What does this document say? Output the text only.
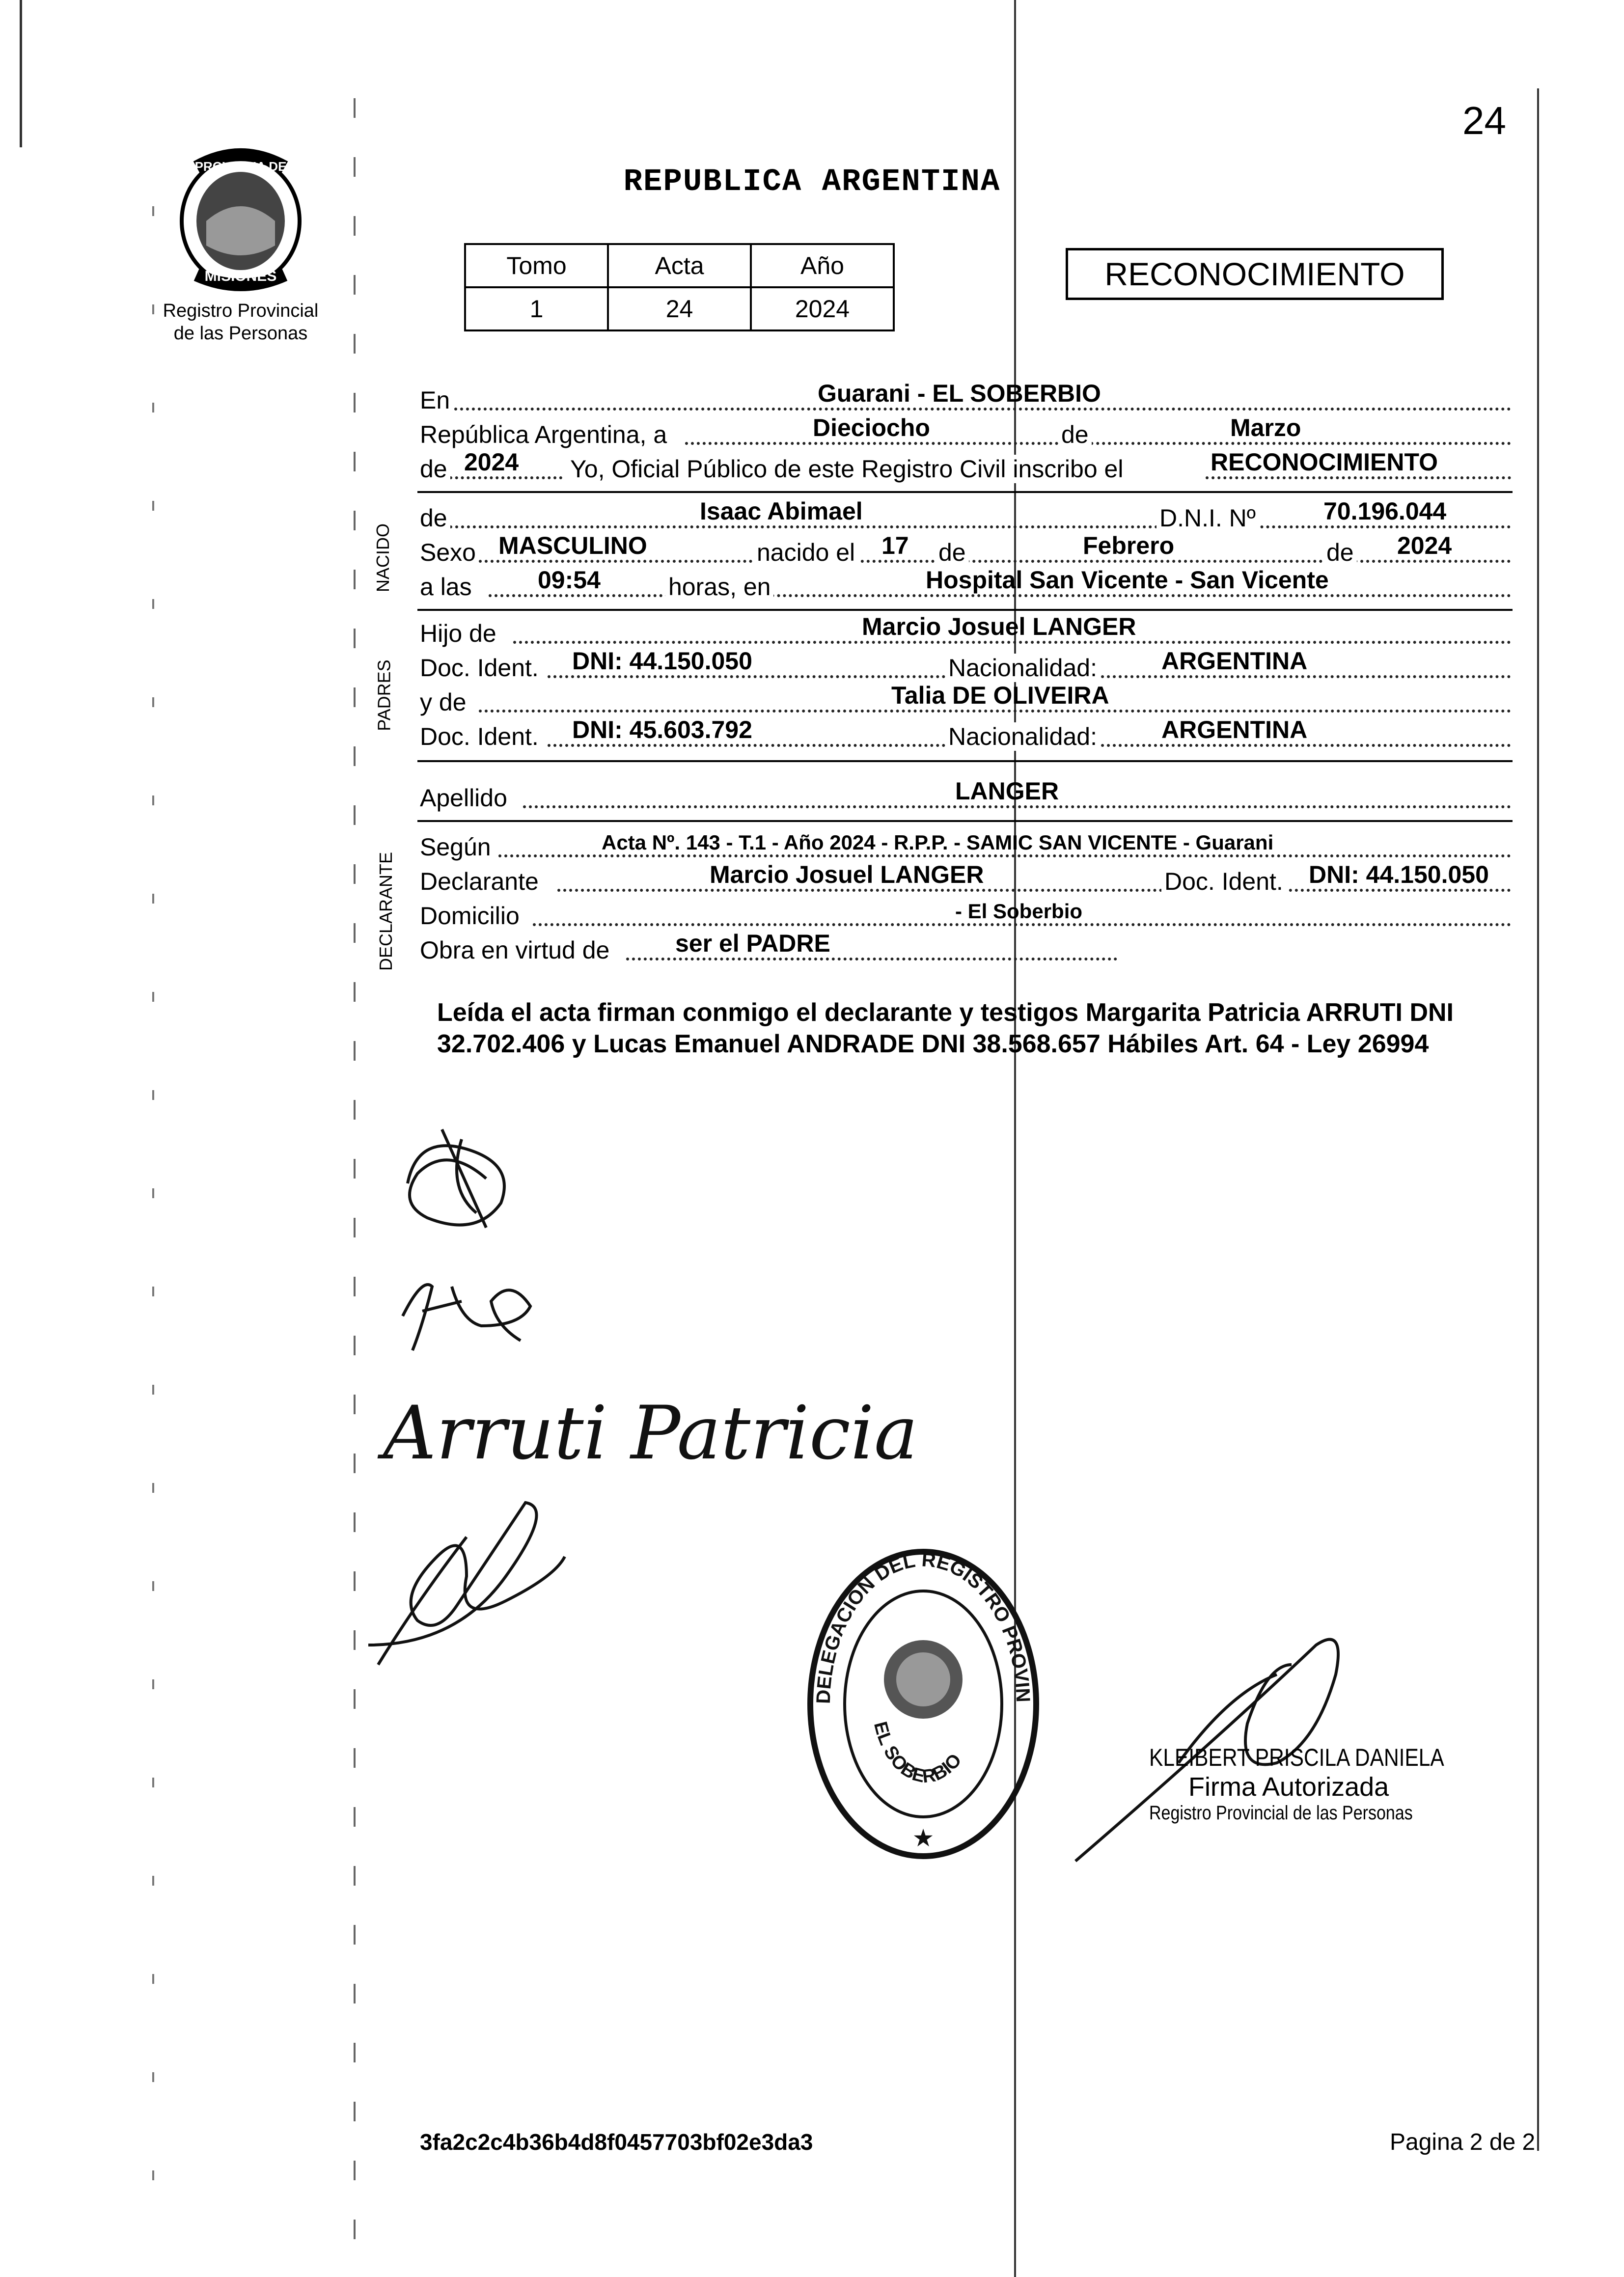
24
PROVINCIA DE
MISIONES
Registro Provincial
de las Personas
REPUBLICA ARGENTINA
Tomo	Acta	Año
1	24	2024
RECONOCIMIENTO
NACIDO
PADRES
DECLARANTE
En	Guarani - EL SOBERBIO
República Argentina, a	Dieciocho	de	Marzo
de 2024 Yo, Oficial Público de este Registro Civil inscribo el	RECONOCIMIENTO
de	Isaac Abimael	D.N.I. Nº	70.196.044
Sexo MASCULINO	nacido el 17 de	Febrero	de 2024
a las	09:54	horas, en	Hospital San Vicente - San Vicente
Hijo de	Marcio Josuel LANGER
Doc. Ident. DNI: 44.150.050	Nacionalidad:	ARGENTINA
y de	Talia DE OLIVEIRA
Doc. Ident. DNI: 45.603.792	Nacionalidad:	ARGENTINA
Apellido	LANGER
Según	Acta Nº. 143 - T.1 - Año 2024 - R.P.P. - SAMIC SAN VICENTE - Guarani
Declarante	Marcio Josuel LANGER	Doc. Ident. DNI: 44.150.050
Domicilio	- El Soberbio
Obra en virtud de	ser el PADRE
Leída el acta firman conmigo el declarante y testigos Margarita Patricia ARRUTI DNI 32.702.406 y Lucas Emanuel ANDRADE DNI 38.568.657 Hábiles Art. 64 - Ley 26994
Arruti Patricia
DELEGACION DEL REGISTRO PROVINCIAL DE LAS PERSONAS
EL SOBERBIO
★
KLEIBERT PRISCILA DANIELA
Firma Autorizada
Registro Provincial de las Personas
3fa2c2c4b36b4d8f0457703bf02e3da3	Pagina 2 de 2
